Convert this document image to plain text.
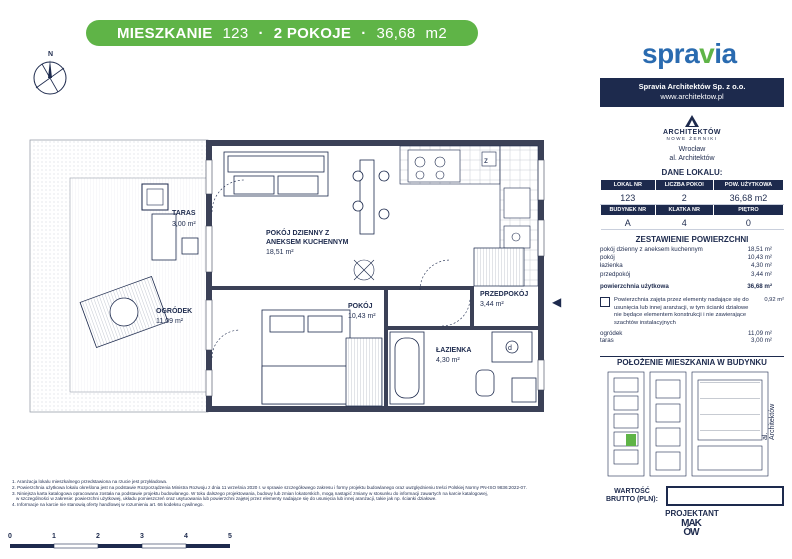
MIESZKANIE 123 · 2 POKOJE · 36,68 m2
spravia
N
z
d
TARAS
3,00 m²
POKÓJ DZIENNY Z
ANEKSEM KUCHENNYM
18,51 m²
OGRÓDEK
11,09 m²
POKÓJ
10,43 m²
PRZEDPOKÓJ
3,44 m²
ŁAZIENKA
4,30 m²
◀
Spravia Architektów Sp. z o.o.
www.architektow.pl
ARCHITEKTÓW
NOWE ŻERNIKI
Wrocław
al. Architektów
DANE LOKALU:
LOKAL NR	LICZBA POKOI	POW. UŻYTKOWA
123	2	36,68 m2
BUDYNEK NR	KLATKA NR	PIĘTRO
A	4	0
ZESTAWIENIE POWIERZCHNI
pokój dzienny z aneksem kuchennym	18,51 m²
pokój	10,43 m²
łazienka	4,30 m²
przedpokój	3,44 m²
powierzchnia użytkowa	36,68 m²
Powierzchnia zajęta przez elementy nadające się do usunięcia lub innej aranżacji, w tym ścianki działowe nie będące elementem konstrukcji i nie zawierające szachtów instalacyjnych
0,92 m²
ogródek	11,09 m²
taras	3,00 m²
POŁOŻENIE MIESZKANIA W BUDYNKU
al. Architektów
WARTOŚĆ
BRUTTO (PLN):
PROJEKTANT
MAKÓW
1. Aranżacja lokalu mieszkalnego przedstawiona na rzucie jest przykładowa.
2. Powierzchnia użytkowa lokalu określona jest na podstawie Rozporządzenia Ministra Rozwoju z dnia 11 września 2020 r. w sprawie szczegółowego zakresu i formy projektu budowlanego oraz uwzględnieniu treści Polskiej Normy PN-ISO 9836:2022-07.
3. Niniejsza karta katalogowa opracowana została na podstawie projektu budowlanego. W toku dalszego projektowania, budowy lub zmian lokatorskich, mogą nastąpić zmiany w stosunku do informacji zawartych na karcie katalogowej,
w szczególności w zakresie: powierzchni użytkowej, układu pomieszczeń oraz usytuowania lub powierzchni zajętej przez elementy nadające się do usunięcia lub innej aranżacji, takie jak np. ścianki działowe.
4. Informacje na karcie nie stanowią oferty handlowej w rozumieniu art. 66 kodeksu cywilnego.
0	1	2	3	4	5
